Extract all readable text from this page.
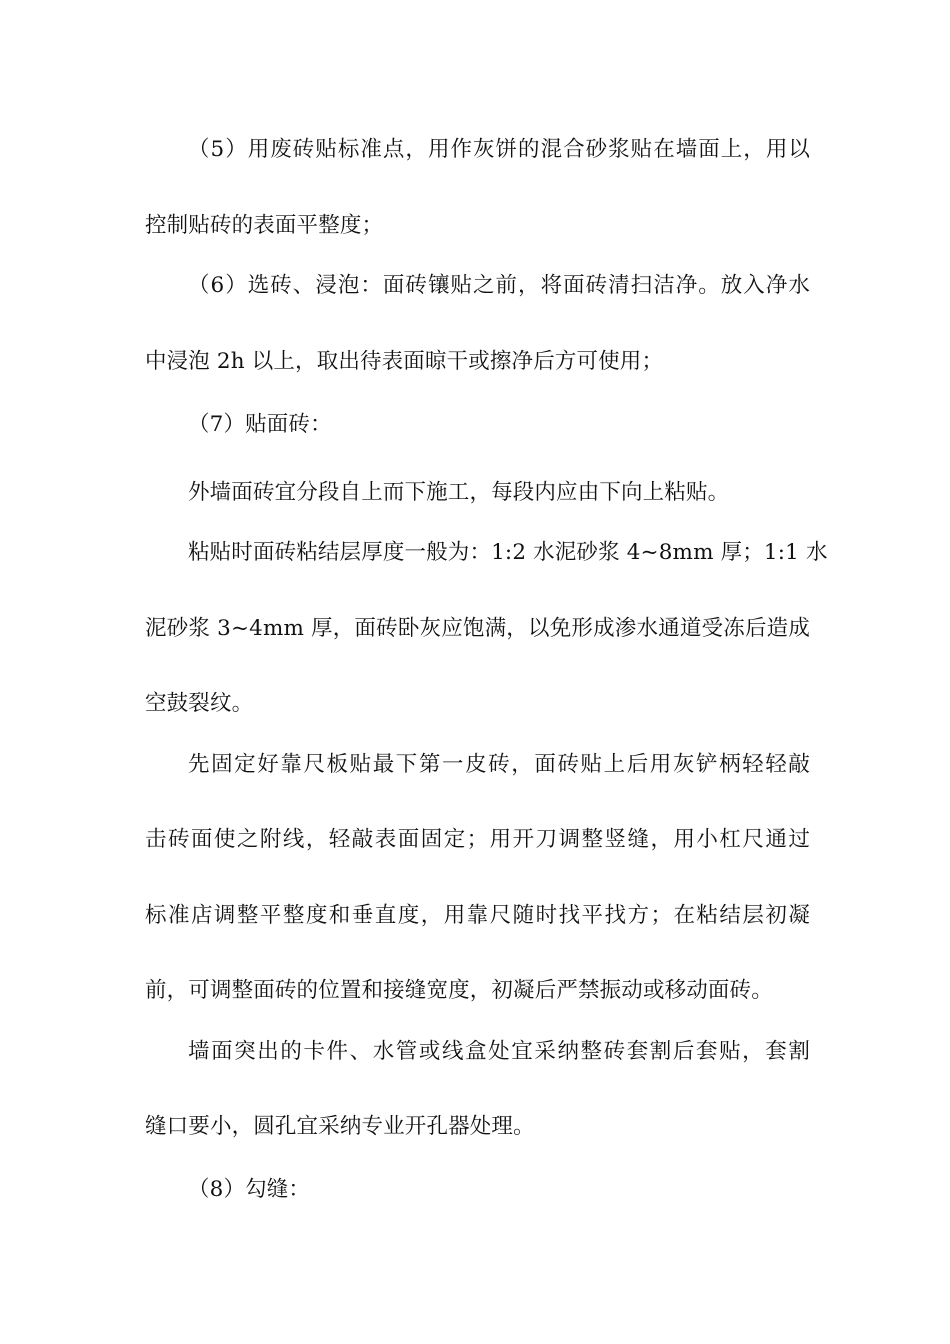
（5）用废砖贴标准点，用作灰饼的混合砂浆贴在墙面上，用以
控制贴砖的表面平整度；
（6）选砖、浸泡：面砖镶贴之前，将面砖清扫洁净。放入净水
中浸泡 2h 以上，取出待表面晾干或擦净后方可使用；
（7）贴面砖：
外墙面砖宜分段自上而下施工，每段内应由下向上粘贴。
粘贴时面砖粘结层厚度一般为：1:2 水泥砂浆 4~8mm 厚；1:1 水
泥砂浆 3~4mm 厚，面砖卧灰应饱满，以免形成渗水通道受冻后造成
空鼓裂纹。
先固定好靠尺板贴最下第一皮砖，面砖贴上后用灰铲柄轻轻敲
击砖面使之附线，轻敲表面固定；用开刀调整竖缝，用小杠尺通过
标准店调整平整度和垂直度，用靠尺随时找平找方；在粘结层初凝
前，可调整面砖的位置和接缝宽度，初凝后严禁振动或移动面砖。
墙面突出的卡件、水管或线盒处宜采纳整砖套割后套贴，套割
缝口要小，圆孔宜采纳专业开孔器处理。
（8）勾缝：
